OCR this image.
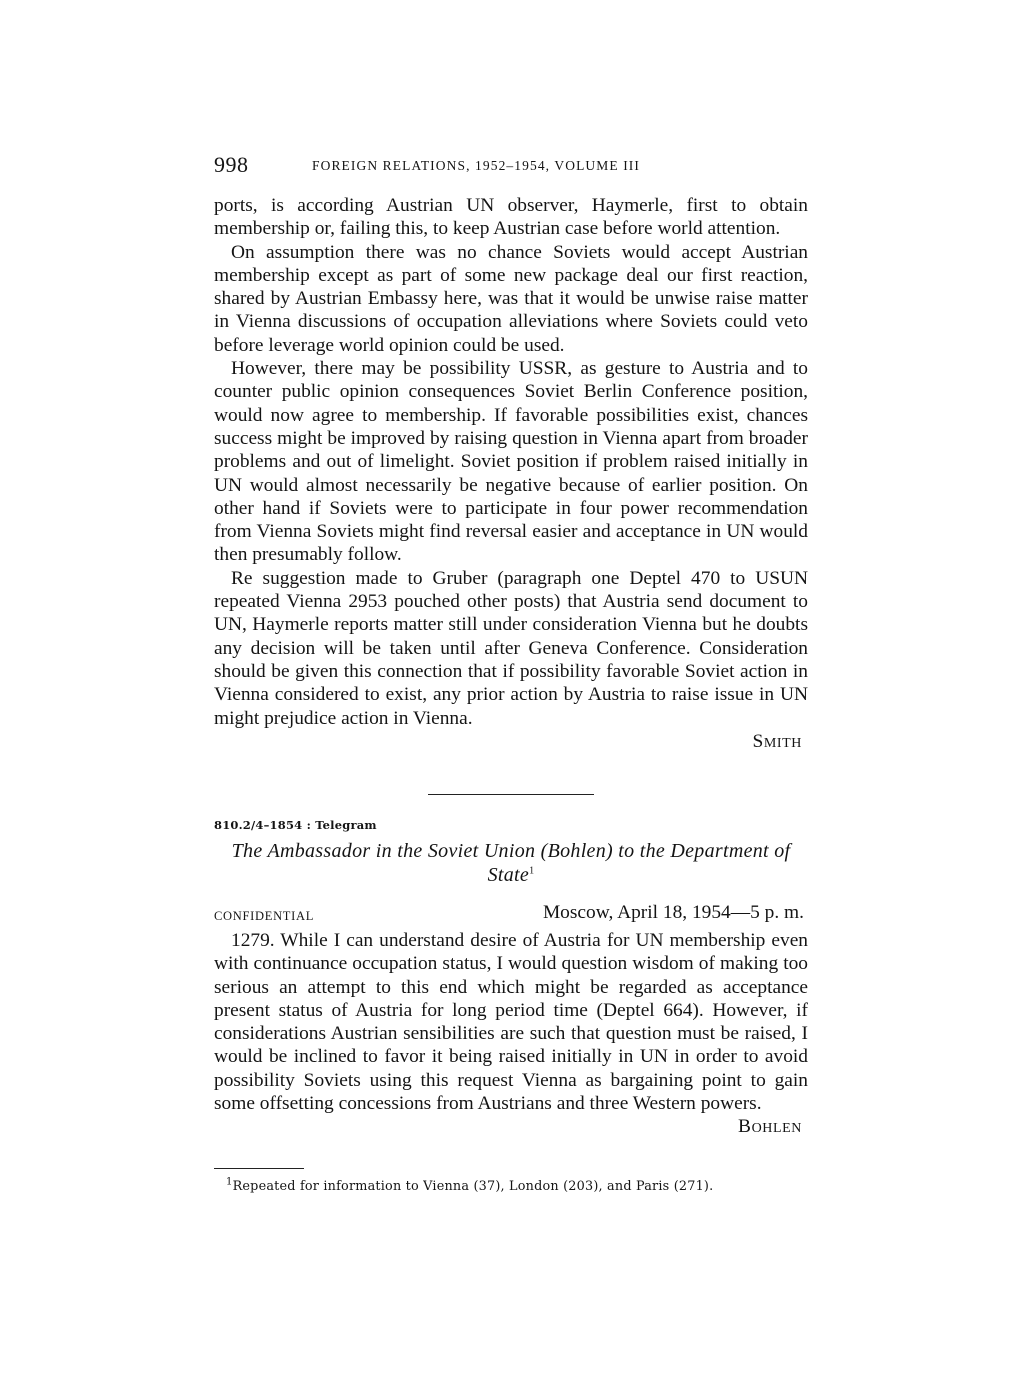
998	FOREIGN RELATIONS, 1952–1954, VOLUME III

ports, is according Austrian UN observer, Haymerle, first to obtain membership or, failing this, to keep Austrian case before world attention.

On assumption there was no chance Soviets would accept Austrian membership except as part of some new package deal our first reaction, shared by Austrian Embassy here, was that it would be unwise raise matter in Vienna discussions of occupation alleviations where Soviets could veto before leverage world opinion could be used.

However, there may be possibility USSR, as gesture to Austria and to counter public opinion consequences Soviet Berlin Conference position, would now agree to membership. If favorable possibilities exist, chances success might be improved by raising question in Vienna apart from broader problems and out of limelight. Soviet position if problem raised initially in UN would almost necessarily be negative because of earlier position. On other hand if Soviets were to participate in four power recommendation from Vienna Soviets might find reversal easier and acceptance in UN would then presumably follow.

Re suggestion made to Gruber (paragraph one Deptel 470 to USUN repeated Vienna 2953 pouched other posts) that Austria send document to UN, Haymerle reports matter still under consideration Vienna but he doubts any decision will be taken until after Geneva Conference. Consideration should be given this connection that if possibility favorable Soviet action in Vienna considered to exist, any prior action by Austria to raise issue in UN might prejudice action in Vienna.

Smith
810.2/4–1854 : Telegram
The Ambassador in the Soviet Union (Bohlen) to the Department of State$^1$
CONFIDENTIAL	Moscow, April 18, 1954—5 p. m.

1279. While I can understand desire of Austria for UN membership even with continuance occupation status, I would question wisdom of making too serious an attempt to this end which might be regarded as acceptance present status of Austria for long period time (Deptel 664). However, if considerations Austrian sensibilities are such that question must be raised, I would be inclined to favor it being raised initially in UN in order to avoid possibility Soviets using this request Vienna as bargaining point to gain some offsetting concessions from Austrians and three Western powers.

Bohlen
$^1$Repeated for information to Vienna (37), London (203), and Paris (271).
